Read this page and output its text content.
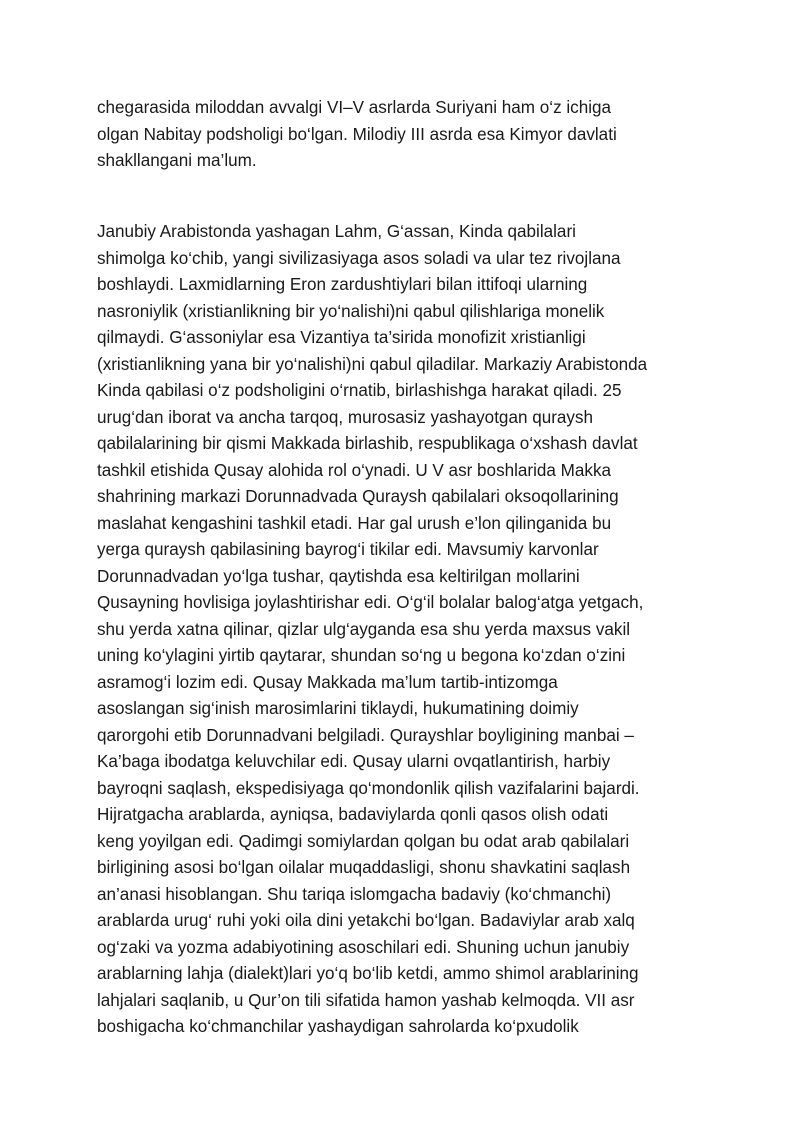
chegarasida miloddan avvalgi VI–V asrlarda Suriyani ham o‘z ichiga
olgan Nabitay podsholigi bo‘lgan. Milodiy III asrda esa Kimyor davlati
shakllangani ma’lum.
Janubiy Arabistonda yashagan Lahm, G‘assan, Kinda qabilalari
shimolga ko‘chib, yangi sivilizasiyaga asos soladi va ular tez rivojlana
boshlaydi. Laxmidlarning Eron zardushtiylari bilan ittifoqi ularning
nasroniylik (xristianlikning bir yo‘nalishi)ni qabul qilishlariga monelik
qilmaydi. G‘assoniylar esa Vizantiya ta’sirida monofizit xristianligi
(xristianlikning yana bir yo‘nalishi)ni qabul qiladilar. Markaziy Arabistonda
Kinda qabilasi o‘z podsholigini o‘rnatib, birlashishga harakat qiladi. 25
urug‘dan iborat va ancha tarqoq, murosasiz yashayotgan quraysh
qabilalarining bir qismi Makkada birlashib, respublikaga o‘xshash davlat
tashkil etishida Qusay alohida rol o‘ynadi. U V asr boshlarida Makka
shahrining markazi Dorunnadvada Quraysh qabilalari oksoqollarining
maslahat kengashini tashkil etadi. Har gal urush e’lon qilinganida bu
yerga quraysh qabilasining bayrog‘i tikilar edi. Mavsumiy karvonlar
Dorunnadvadan yo‘lga tushar, qaytishda esa keltirilgan mollarini
Qusayning hovlisiga joylashtirishar edi. O‘g‘il bolalar balog‘atga yetgach,
shu yerda xatna qilinar, qizlar ulg‘ayganda esa shu yerda maxsus vakil
uning ko‘ylagini yirtib qaytarar, shundan so‘ng u begona ko‘zdan o‘zini
asramog‘i lozim edi. Qusay Makkada ma’lum tartib-intizomga
asoslangan sig‘inish marosimlarini tiklaydi, hukumatining doimiy
qarorgohi etib Dorunnadvani belgiladi. Qurayshlar boyligining manbai –
Ka’baga ibodatga keluvchilar edi. Qusay ularni ovqatlantirish, harbiy
bayroqni saqlash, ekspedisiyaga qo‘mondonlik qilish vazifalarini bajardi.
Hijratgacha arablarda, ayniqsa, badaviylarda qonli qasos olish odati
keng yoyilgan edi. Qadimgi somiylardan qolgan bu odat arab qabilalari
birligining asosi bo‘lgan oilalar muqaddasligi, shonu shavkatini saqlash
an’anasi hisoblangan. Shu tariqa islomgacha badaviy (ko‘chmanchi)
arablarda urug‘ ruhi yoki oila dini yetakchi bo‘lgan. Badaviylar arab xalq
og‘zaki va yozma adabiyotining asoschilari edi. Shuning uchun janubiy
arablarning lahja (dialekt)lari yo‘q bo‘lib ketdi, ammo shimol arablarining
lahjalari saqlanib, u Qur’on tili sifatida hamon yashab kelmoqda. VII asr
boshigacha ko‘chmanchilar yashaydigan sahrolarda ko‘pxudolik
